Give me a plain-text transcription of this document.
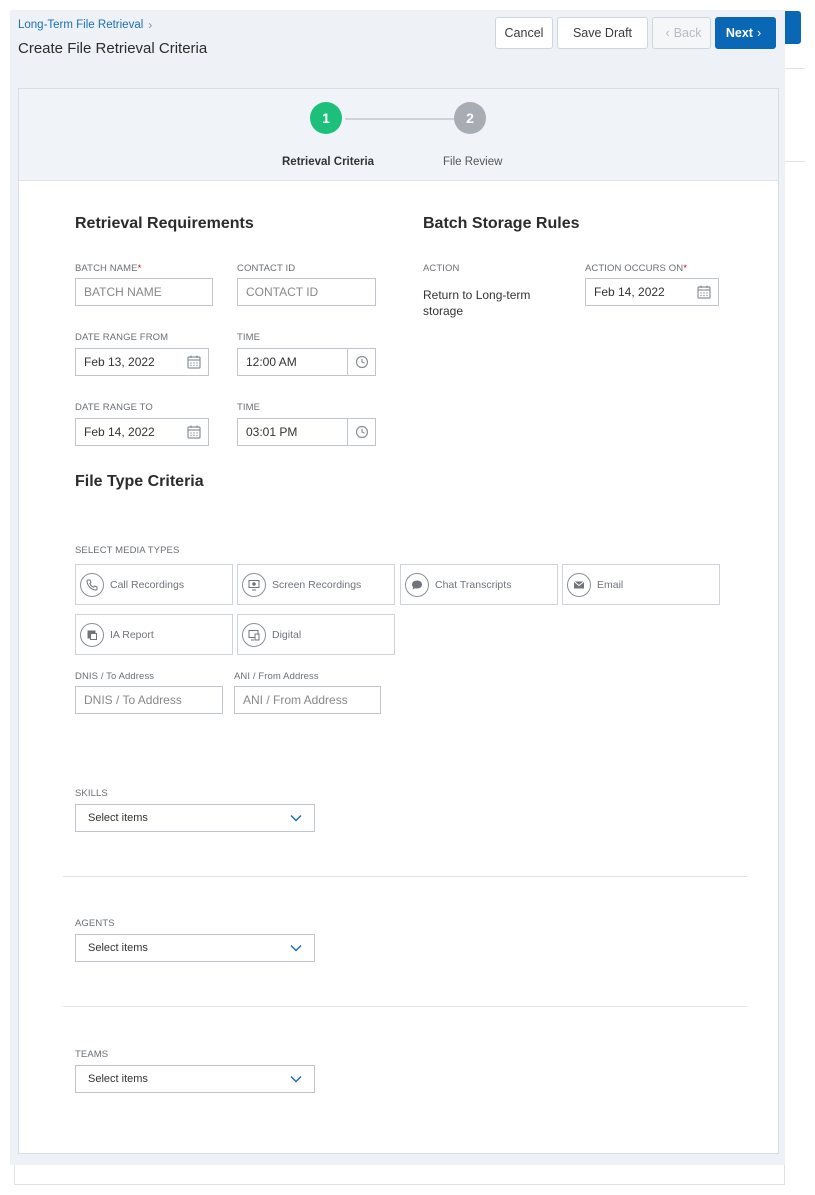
Long-Term File Retrieval ›
Create File Retrieval Criteria
Cancel Save Draft	‹ Back Next ›
1	2
Retrieval Criteria	File Review
Retrieval Requirements
BATCH NAME*
BATCH NAME
CONTACT ID
CONTACT ID
DATE RANGE FROM
Feb 13, 2022
TIME
12:00 AM
DATE RANGE TO
Feb 14, 2022
TIME
03:01 PM
Batch Storage Rules
ACTION
Return to Long-term storage
ACTION OCCURS ON*
Feb 14, 2022
File Type Criteria
SELECT MEDIA TYPES
Call Recordings	Screen Recordings	Chat Transcripts	Email
IA Report	Digital
DNIS / To Address
DNIS / To Address
ANI / From Address
ANI / From Address
SKILLS
Select items
AGENTS
Select items
TEAMS
Select items
